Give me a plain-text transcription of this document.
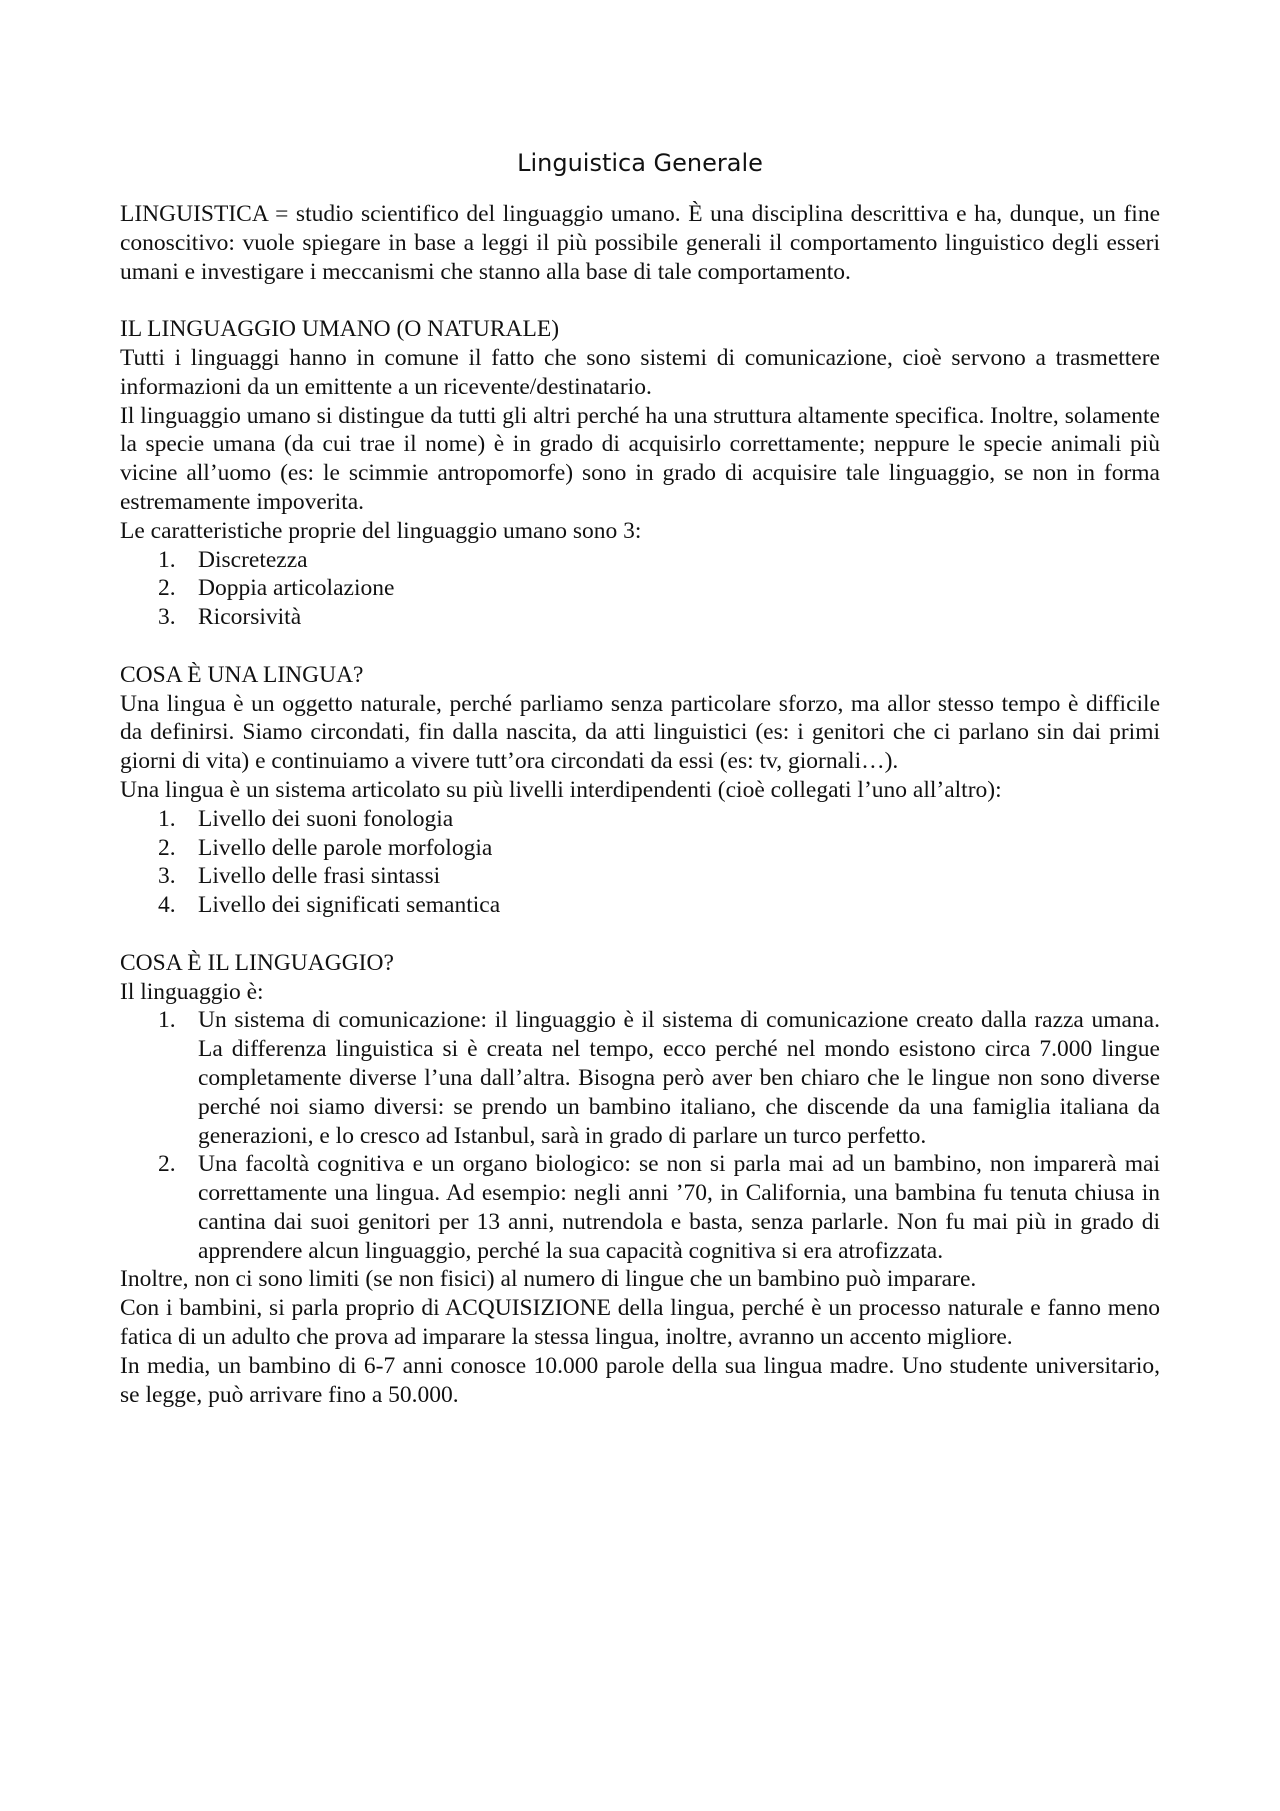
Linguistica Generale

LINGUISTICA = studio scientifico del linguaggio umano. È una disciplina descrittiva e ha, dunque, un fine conoscitivo: vuole spiegare in base a leggi il più possibile generali il comportamento linguistico degli esseri umani e investigare i meccanismi che stanno alla base di tale comportamento.

IL LINGUAGGIO UMANO (O NATURALE)

Tutti i linguaggi hanno in comune il fatto che sono sistemi di comunicazione, cioè servono a trasmettere informazioni da un emittente a un ricevente/destinatario.

Il linguaggio umano si distingue da tutti gli altri perché ha una struttura altamente specifica. Inoltre, solamente la specie umana (da cui trae il nome) è in grado di acquisirlo correttamente; neppure le specie animali più vicine all’uomo (es: le scimmie antropomorfe) sono in grado di acquisire tale linguaggio, se non in forma estremamente impoverita.

Le caratteristiche proprie del linguaggio umano sono 3:

1. Discretezza
2. Doppia articolazione
3. Ricorsività

COSA È UNA LINGUA?

Una lingua è un oggetto naturale, perché parliamo senza particolare sforzo, ma allor stesso tempo è difficile da definirsi. Siamo circondati, fin dalla nascita, da atti linguistici (es: i genitori che ci parlano sin dai primi giorni di vita) e continuiamo a vivere tutt’ora circondati da essi (es: tv, giornali…).

Una lingua è un sistema articolato su più livelli interdipendenti (cioè collegati l’uno all’altro):

1. Livello dei suoni fonologia
2. Livello delle parole morfologia
3. Livello delle frasi sintassi
4. Livello dei significati semantica

COSA È IL LINGUAGGIO?

Il linguaggio è:

1. Un sistema di comunicazione: il linguaggio è il sistema di comunicazione creato dalla razza umana. La differenza linguistica si è creata nel tempo, ecco perché nel mondo esistono circa 7.000 lingue completamente diverse l’una dall’altra. Bisogna però aver ben chiaro che le lingue non sono diverse perché noi siamo diversi: se prendo un bambino italiano, che discende da una famiglia italiana da generazioni, e lo cresco ad Istanbul, sarà in grado di parlare un turco perfetto.
2. Una facoltà cognitiva e un organo biologico: se non si parla mai ad un bambino, non imparerà mai correttamente una lingua. Ad esempio: negli anni ’70, in California, una bambina fu tenuta chiusa in cantina dai suoi genitori per 13 anni, nutrendola e basta, senza parlarle. Non fu mai più in grado di apprendere alcun linguaggio, perché la sua capacità cognitiva si era atrofizzata.

Inoltre, non ci sono limiti (se non fisici) al numero di lingue che un bambino può imparare.

Con i bambini, si parla proprio di ACQUISIZIONE della lingua, perché è un processo naturale e fanno meno fatica di un adulto che prova ad imparare la stessa lingua, inoltre, avranno un accento migliore.

In media, un bambino di 6-7 anni conosce 10.000 parole della sua lingua madre. Uno studente universitario, se legge, può arrivare fino a 50.000.
